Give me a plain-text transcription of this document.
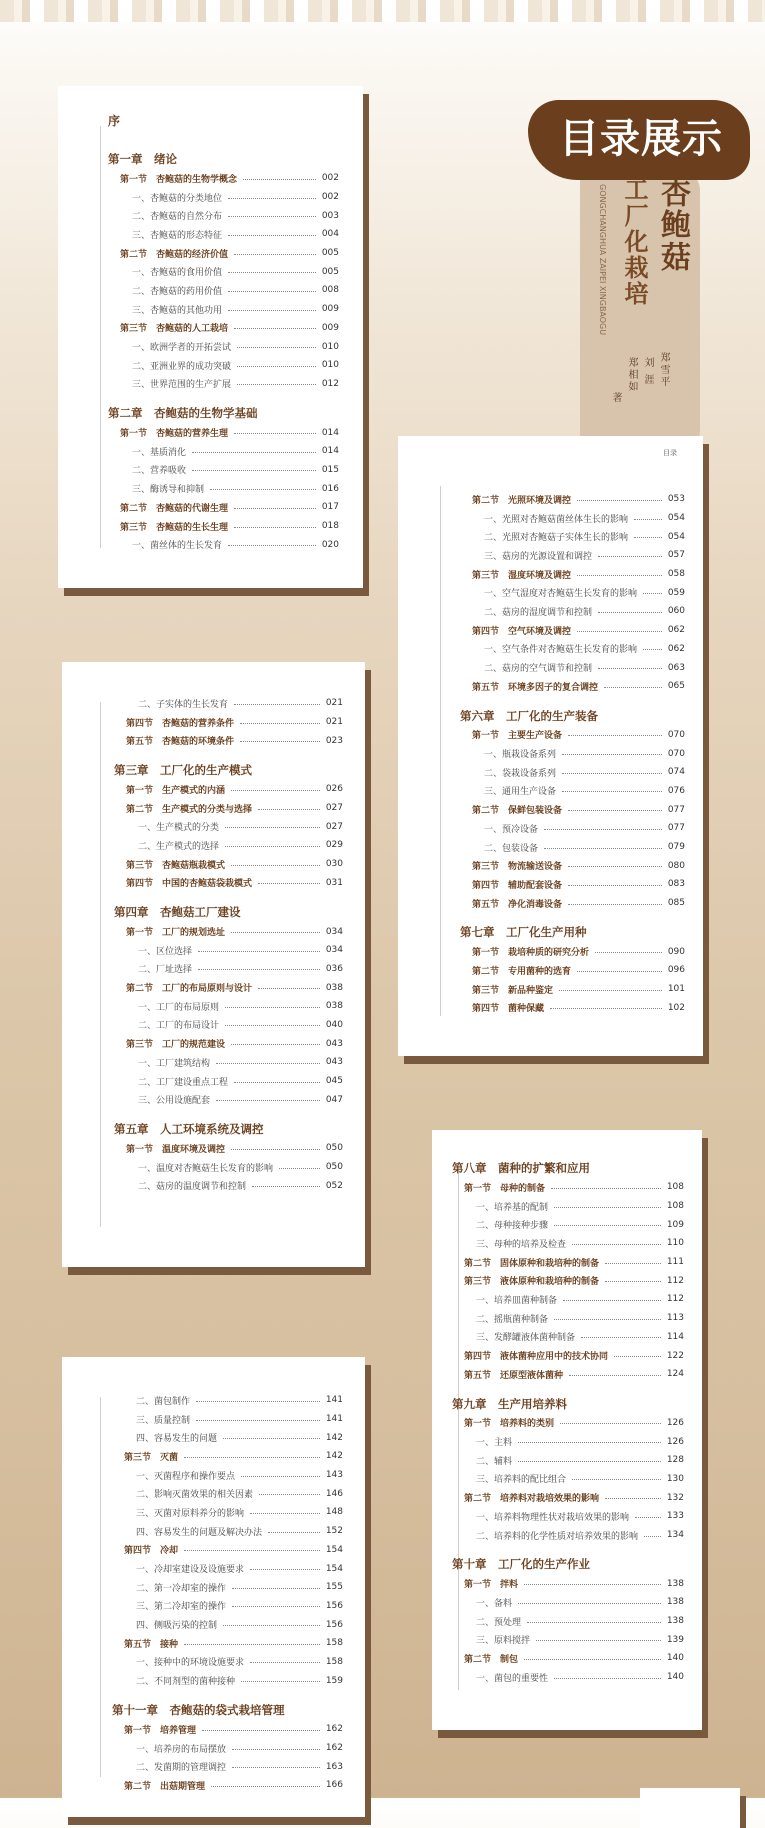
序
第一章　绪论
第一节　杏鲍菇的生物学概念	002
一、杏鲍菇的分类地位	002
二、杏鲍菇的自然分布	003
三、杏鲍菇的形态特征	004
第二节　杏鲍菇的经济价值	005
一、杏鲍菇的食用价值	005
二、杏鲍菇的药用价值	008
三、杏鲍菇的其他功用	009
第三节　杏鲍菇的人工栽培	009
一、欧洲学者的开拓尝试	010
二、亚洲业界的成功突破	010
三、世界范围的生产扩展	012
第二章　杏鲍菇的生物学基础
第一节　杏鲍菇的营养生理	014
一、基质消化	014
二、营养吸收	015
三、酶诱导和抑制	016
第二节　杏鲍菇的代谢生理	017
第三节　杏鲍菇的生长生理	018
一、菌丝体的生长发育	020
目录展示
杏鲍菇
工厂化栽培
GONGCHANGHUA ZAIPEI XINGBAOGU
郑雪平
刘 涯
郑相如
著
目录
第二节　光照环境及调控	053
一、光照对杏鲍菇菌丝体生长的影响	054
二、光照对杏鲍菇子实体生长的影响	054
三、菇房的光源设置和调控	057
第三节　湿度环境及调控	058
一、空气湿度对杏鲍菇生长发育的影响	059
二、菇房的湿度调节和控制	060
第四节　空气环境及调控	062
一、空气条件对杏鲍菇生长发育的影响	062
二、菇房的空气调节和控制	063
第五节　环境多因子的复合调控	065
第六章　工厂化的生产装备
第一节　主要生产设备	070
一、瓶栽设备系列	070
二、袋栽设备系列	074
三、通用生产设备	076
第二节　保鲜包装设备	077
一、预冷设备	077
二、包装设备	079
第三节　物流输送设备	080
第四节　辅助配套设备	083
第五节　净化消毒设备	085
第七章　工厂化生产用种
第一节　栽培种质的研究分析	090
第二节　专用菌种的选育	096
第三节　新品种鉴定	101
第四节　菌种保藏	102
二、子实体的生长发育	021
第四节　杏鲍菇的营养条件	021
第五节　杏鲍菇的环境条件	023
第三章　工厂化的生产模式
第一节　生产模式的内涵	026
第二节　生产模式的分类与选择	027
一、生产模式的分类	027
二、生产模式的选择	029
第三节　杏鲍菇瓶栽模式	030
第四节　中国的杏鲍菇袋栽模式	031
第四章　杏鲍菇工厂建设
第一节　工厂的规划选址	034
一、区位选择	034
二、厂址选择	036
第二节　工厂的布局原则与设计	038
一、工厂的布局原则	038
二、工厂的布局设计	040
第三节　工厂的规范建设	043
一、工厂建筑结构	043
二、工厂建设重点工程	045
三、公用设施配套	047
第五章　人工环境系统及调控
第一节　温度环境及调控	050
一、温度对杏鲍菇生长发育的影响	050
二、菇房的温度调节和控制	052
第八章　菌种的扩繁和应用
第一节　母种的制备	108
一、培养基的配制	108
二、母种接种步骤	109
三、母种的培养及检查	110
第二节　固体原种和栽培种的制备	111
第三节　液体原种和栽培种的制备	112
一、培养皿菌种制备	112
二、摇瓶菌种制备	113
三、发酵罐液体菌种制备	114
第四节　液体菌种应用中的技术协同	122
第五节　还原型液体菌种	124
第九章　生产用培养料
第一节　培养料的类别	126
一、主料	126
二、辅料	128
三、培养料的配比组合	130
第二节　培养料对栽培效果的影响	132
一、培养料物理性状对栽培效果的影响	133
二、培养料的化学性质对培养效果的影响	134
第十章　工厂化的生产作业
第一节　拌料	138
一、备料	138
二、预处理	138
三、原料搅拌	139
第二节　制包	140
一、菌包的重要性	140
二、菌包制作	141
三、质量控制	141
四、容易发生的问题	142
第三节　灭菌	142
一、灭菌程序和操作要点	143
二、影响灭菌效果的相关因素	146
三、灭菌对原料养分的影响	148
四、容易发生的问题及解决办法	152
第四节　冷却	154
一、冷却室建设及设施要求	154
二、第一冷却室的操作	155
三、第二冷却室的操作	156
四、侧吸污染的控制	156
第五节　接种	158
一、接种中的环境设施要求	158
二、不同剂型的菌种接种	159
第十一章　杏鲍菇的袋式栽培管理
第一节　培养管理	162
一、培养房的布局摆放	162
二、发菌期的管理调控	163
第二节　出菇期管理	166
